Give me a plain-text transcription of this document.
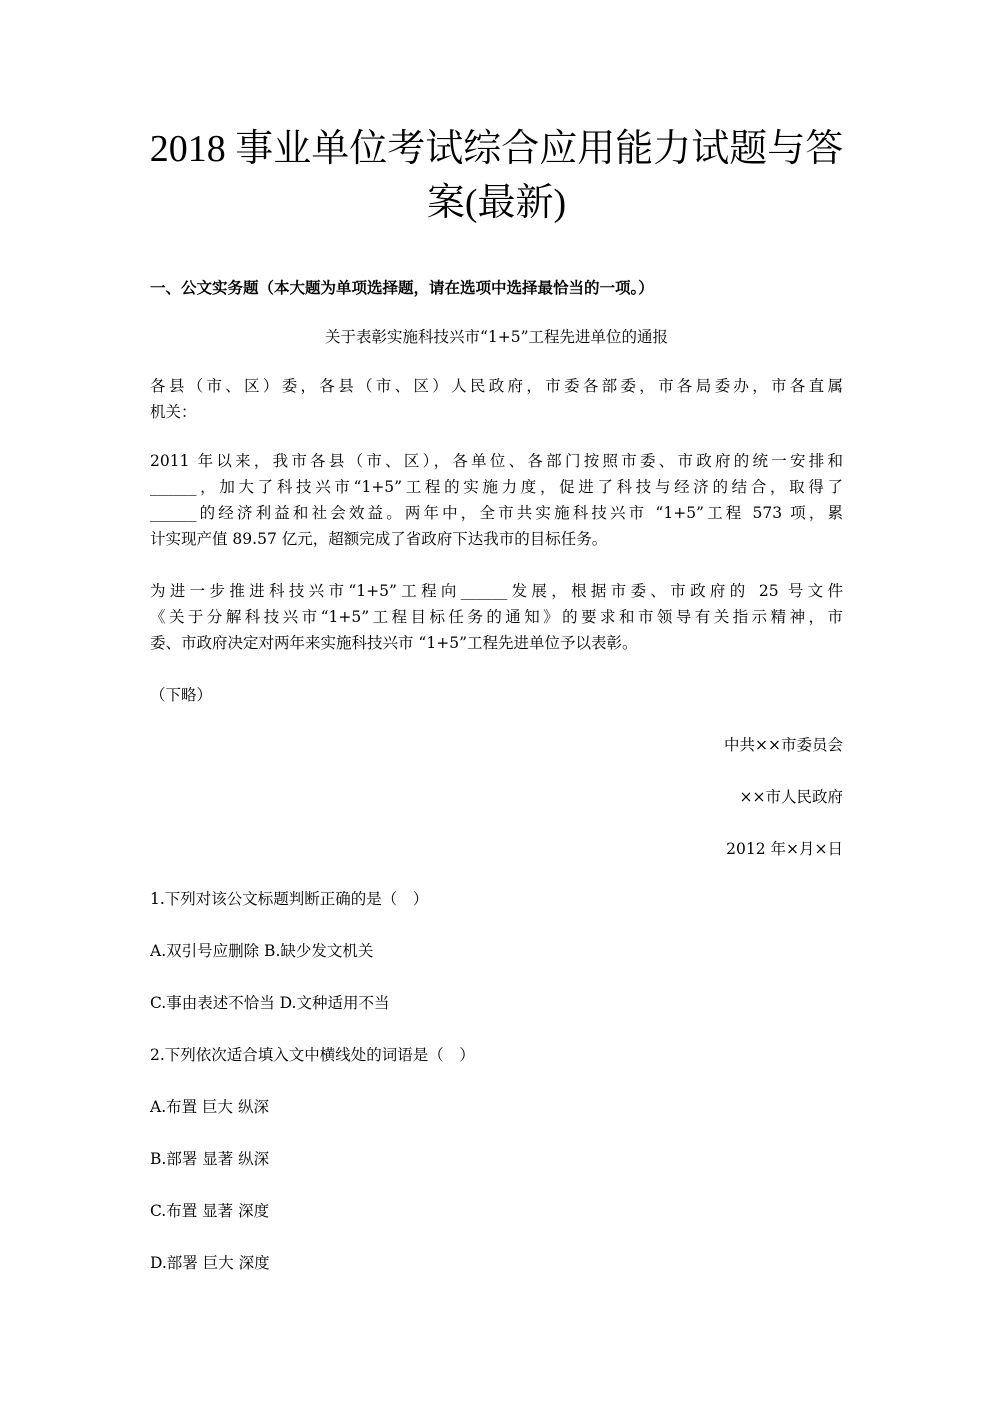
2018 事业单位考试综合应用能力试题与答
案(最新)

一、公文实务题（本大题为单项选择题，请在选项中选择最恰当的一项。）

关于表彰实施科技兴市“1+5”工程先进单位的通报

各县（市、区）委，各县（市、区）人民政府，市委各部委，市各局委办，市各直属

机关：

2011 年以来，我市各县（市、区），各单位、各部门按照市委、市政府的统一安排和

______，加大了科技兴市“1+5”工程的实施力度，促进了科技与经济的结合，取得了

______的经济利益和社会效益。两年中，全市共实施科技兴市 “1+5”工程 573 项，累

计实现产值 89.57 亿元，超额完成了省政府下达我市的目标任务。

为进一步推进科技兴市“1+5”工程向______发展，根据市委、市政府的 25 号文件

《关于分解科技兴市“1+5”工程目标任务的通知》的要求和市领导有关指示精神，市

委、市政府决定对两年来实施科技兴市 “1+5”工程先进单位予以表彰。

（下略）

中共××市委员会

××市人民政府

2012 年×月×日

1.下列对该公文标题判断正确的是（　）

A.双引号应删除 B.缺少发文机关

C.事由表述不恰当 D.文种适用不当

2.下列依次适合填入文中横线处的词语是（　）

A.布置 巨大 纵深

B.部署 显著 纵深

C.布置 显著 深度

D.部署 巨大 深度
